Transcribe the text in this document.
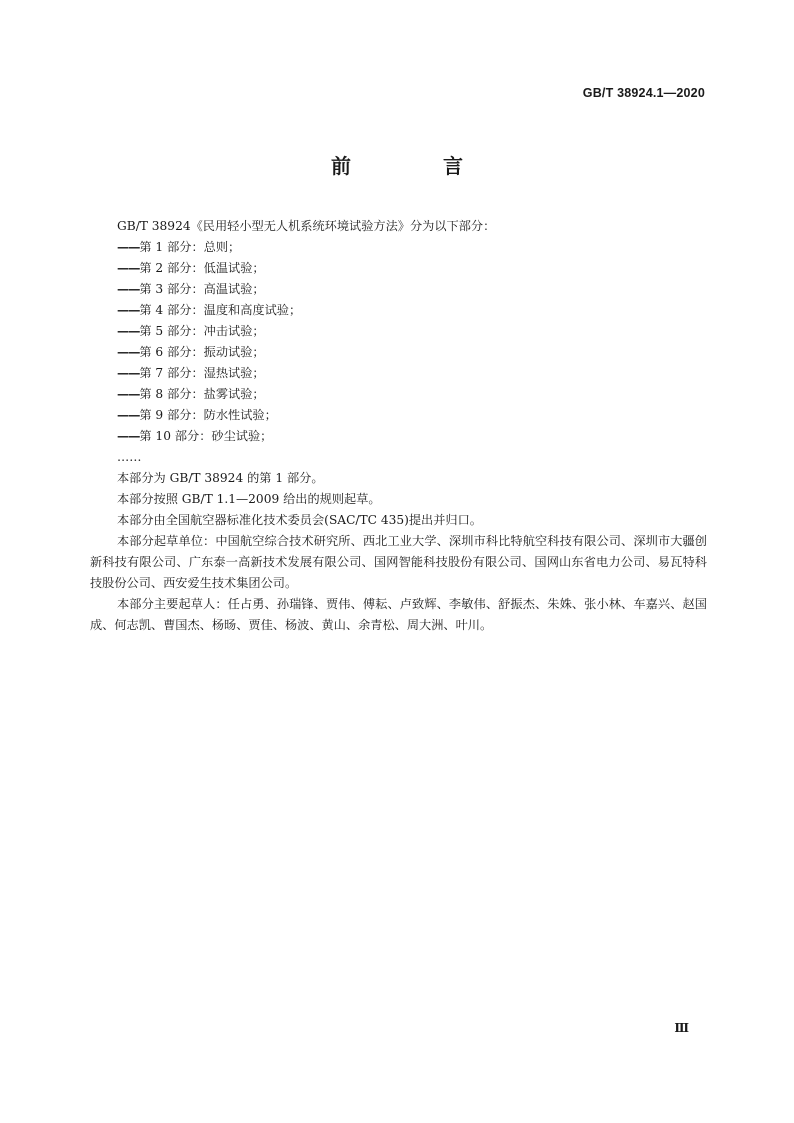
GB/T 38924.1—2020
前　言
GB/T 38924《民用轻小型无人机系统环境试验方法》分为以下部分：
——第 1 部分：总则；
——第 2 部分：低温试验；
——第 3 部分：高温试验；
——第 4 部分：温度和高度试验；
——第 5 部分：冲击试验；
——第 6 部分：振动试验；
——第 7 部分：湿热试验；
——第 8 部分：盐雾试验；
——第 9 部分：防水性试验；
——第 10 部分：砂尘试验；
……
本部分为 GB/T 38924 的第 1 部分。
本部分按照 GB/T 1.1—2009 给出的规则起草。
本部分由全国航空器标准化技术委员会(SAC/TC 435)提出并归口。
本部分起草单位：中国航空综合技术研究所、西北工业大学、深圳市科比特航空科技有限公司、深圳市大疆创新科技有限公司、广东泰一高新技术发展有限公司、国网智能科技股份有限公司、国网山东省电力公司、易瓦特科技股份公司、西安爱生技术集团公司。
本部分主要起草人：任占勇、孙瑞锋、贾伟、傅耘、卢致辉、李敏伟、舒振杰、朱姝、张小林、车嘉兴、赵国成、何志凯、曹国杰、杨旸、贾佳、杨波、黄山、余青松、周大洲、叶川。
Ⅲ
